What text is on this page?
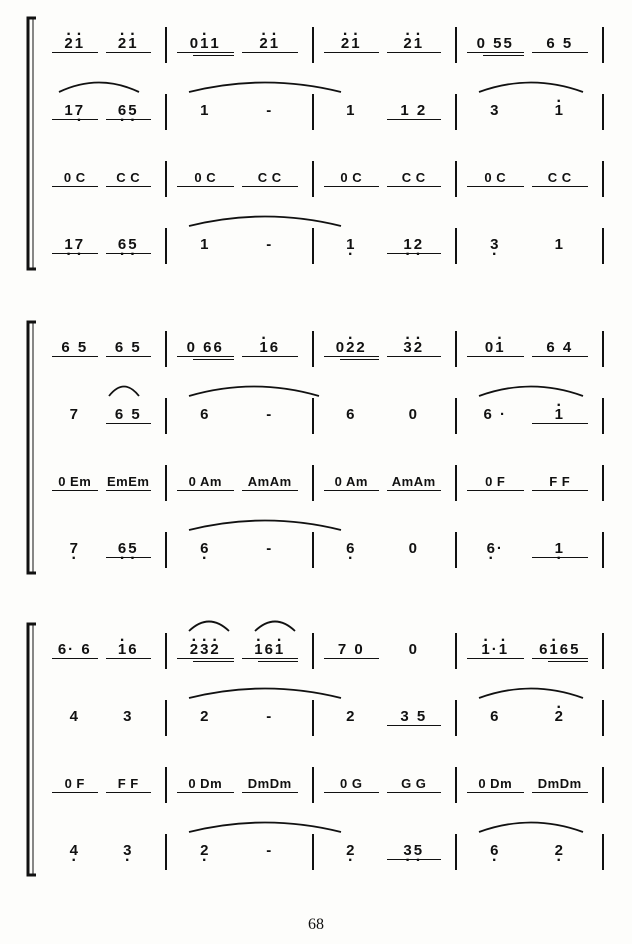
. 2 . 1 . 2 . 1	0 . 1 1	. 2 . 1	. 2 . 1	. 2 . 1	0 55	6 5
1 . 7 . 6 . 5	1	-	1	1 2	3	. 1
0 C	C C	0 C	C C	0 C	C C	0 C	C C
. 1 . 7 . 6 . 5	1	-	. 1	. 1 . 2	. 3	1
6 5	6 5	0 66	. 1 6	0 . 2 2 . 3 . 2	0 . 1	6 4
7	6 5	6	-	6	0	6 ·	. 1
0 Em	EmEm	0 Am	AmAm	0 Am	AmAm	0 F	F F
. 7	. 6 . 5	. 6	-	. 6	0	. 6 ·	. 1
6· 6	. 1 6	. 2 . 3 . 2 . 1 6 . 1	7 0	0	. 1 · . 1 6 . 1 6 5
4	3	2	-	2	3 5	6	. 2
0 F	F F	0 Dm	DmDm	0 G	G G	0 Dm	DmDm
. 4	. 3	. 2	-	. 2	. 3 . 5	. 6	. 2
68
